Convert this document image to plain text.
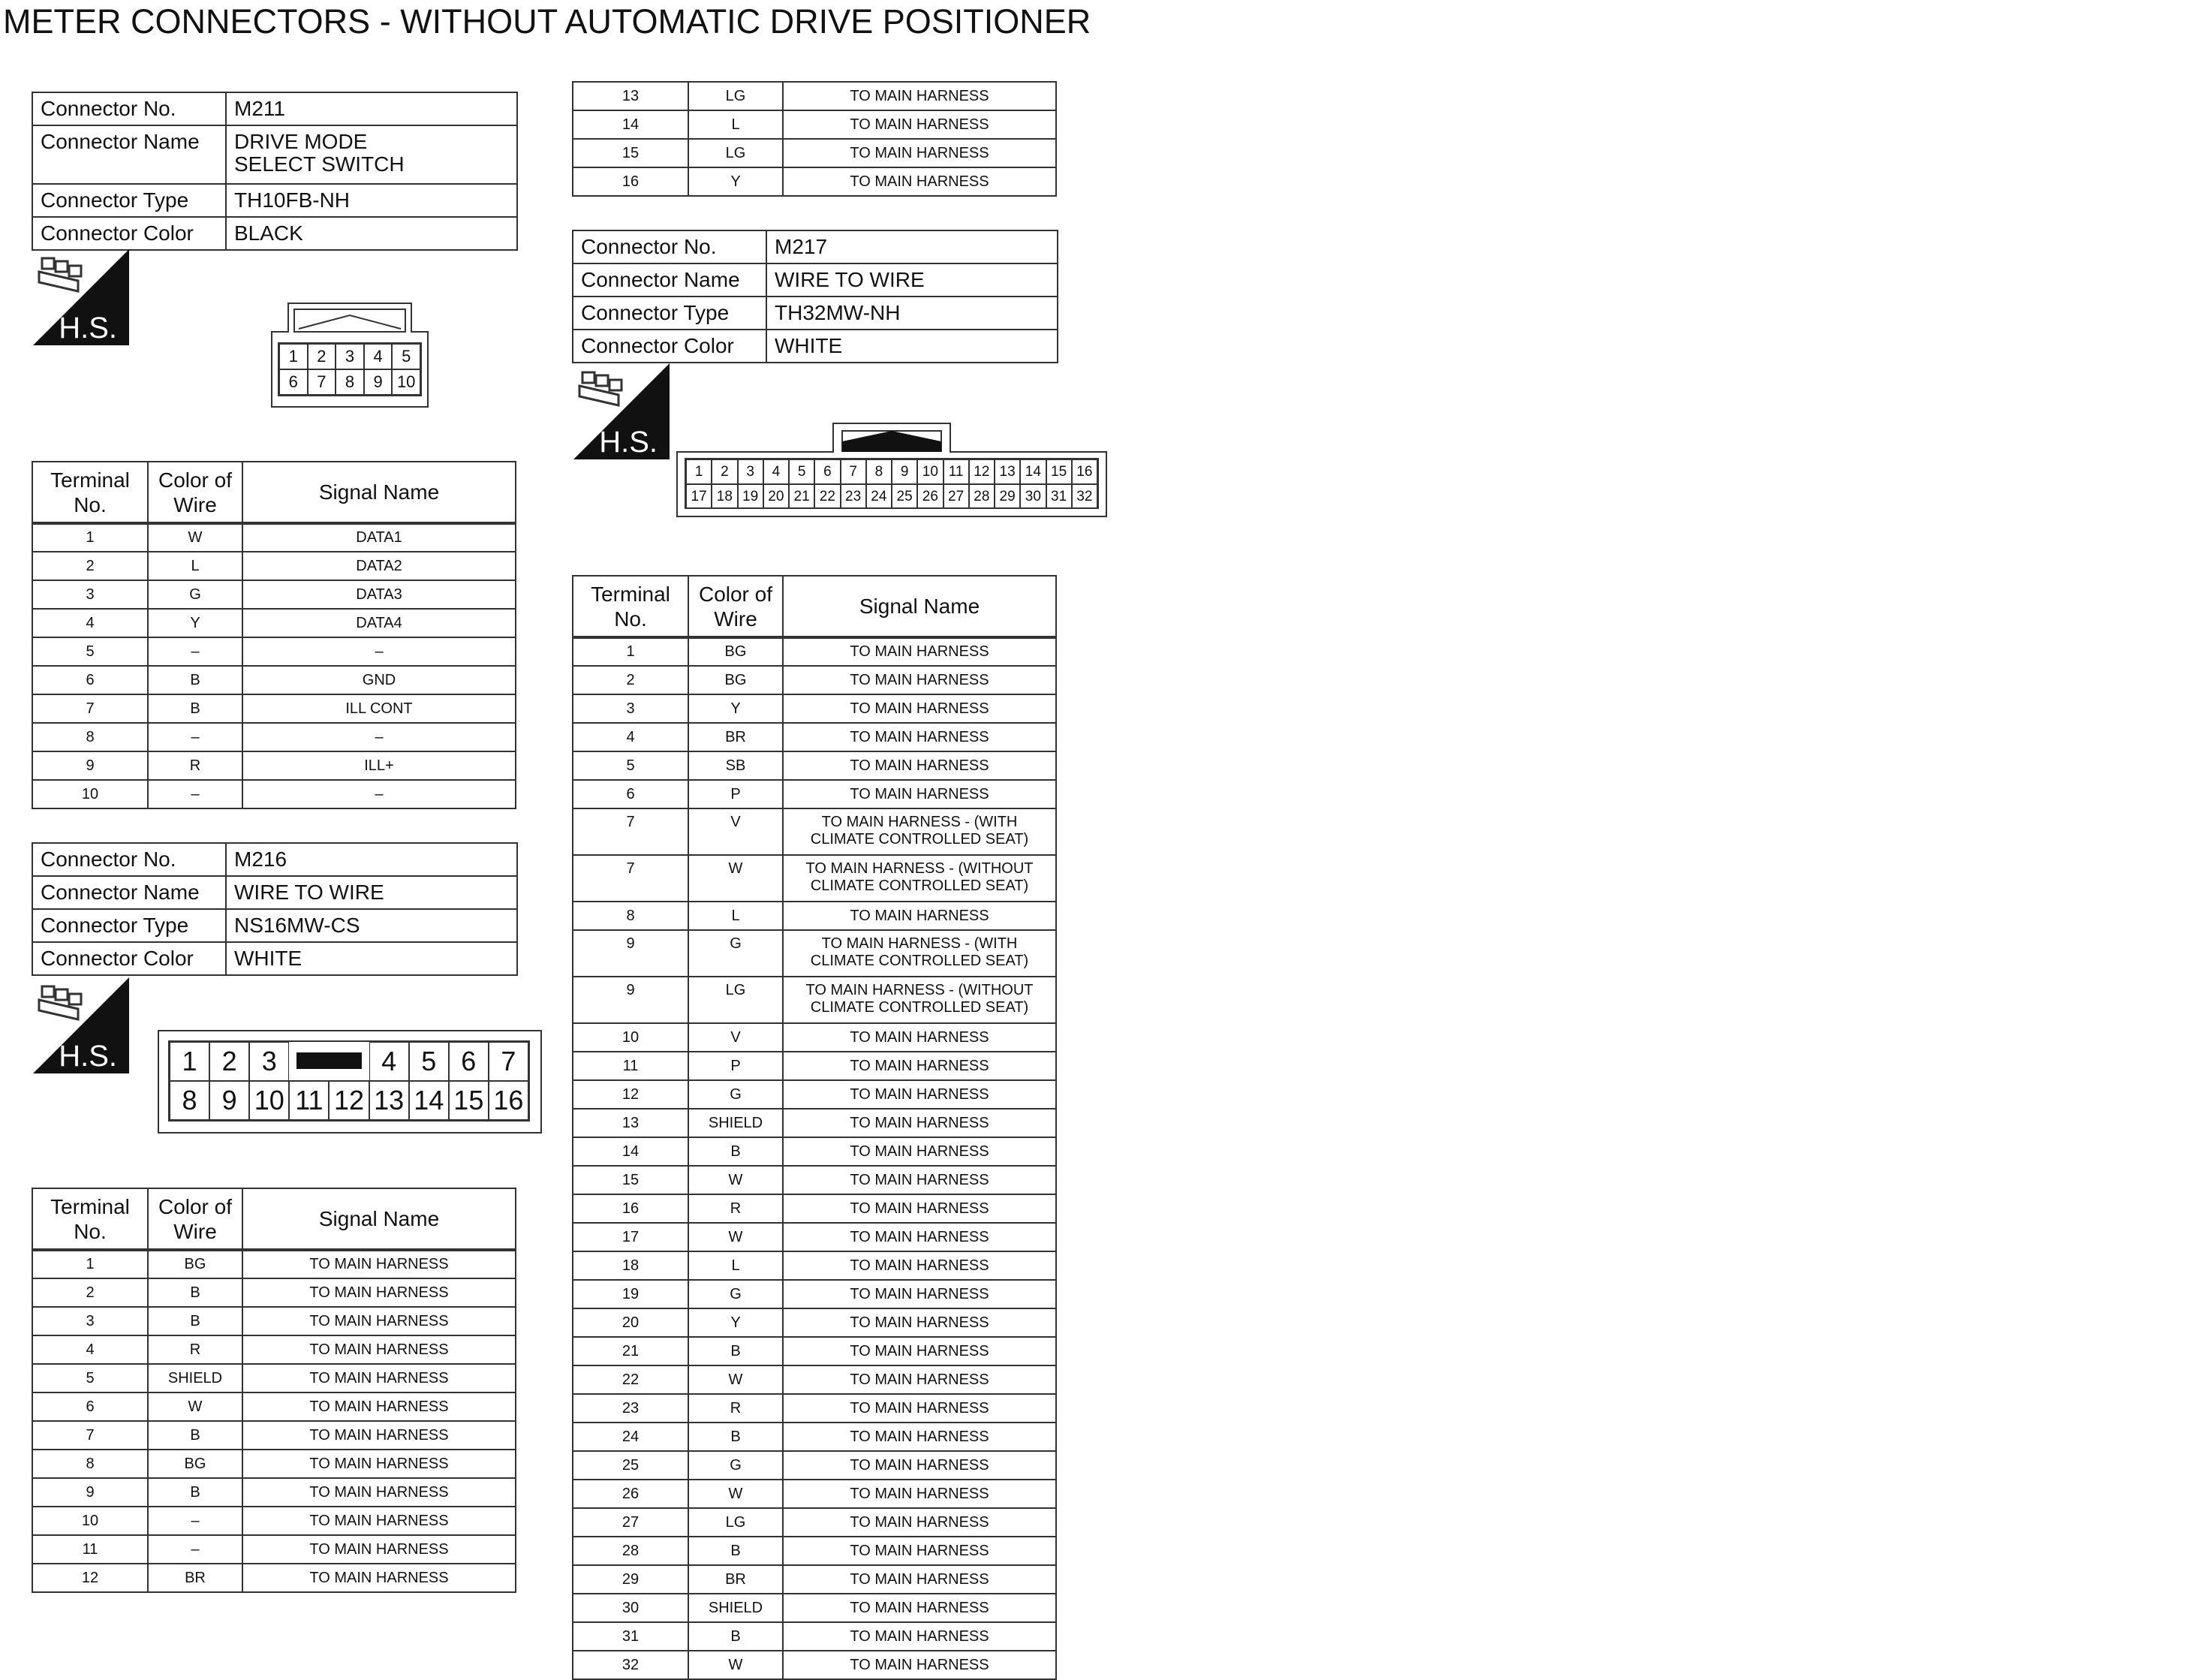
METER CONNECTORS - WITHOUT AUTOMATIC DRIVE POSITIONER
Connector No.	M211
Connector Name	DRIVE MODE SELECT SWITCH
Connector Type	TH10FB-NH
Connector Color	BLACK
H.S.
1	2	3	4	5
6	7	8	9 10
Terminal No.	Color of Wire	Signal Name
1	W	DATA1
2	L	DATA2
3	G	DATA3
4	Y	DATA4
5	–	–
6	B	GND
7	B	ILL CONT
8	–	–
9	R	ILL+
10	–	–
Connector No.	M216
Connector Name	WIRE TO WIRE
Connector Type	NS16MW-CS
Connector Color	WHITE
H.S.	1 2 3	4 5 6 7
8 9 10 11 12 13 14 15 16
Terminal No.	Color of Wire	Signal Name
1	BG	TO MAIN HARNESS
2	B	TO MAIN HARNESS
3	B	TO MAIN HARNESS
4	R	TO MAIN HARNESS
5	SHIELD	TO MAIN HARNESS
6	W	TO MAIN HARNESS
7	B	TO MAIN HARNESS
8	BG	TO MAIN HARNESS
9	B	TO MAIN HARNESS
10	–	TO MAIN HARNESS
11	–	TO MAIN HARNESS
12	BR	TO MAIN HARNESS
13	LG	TO MAIN HARNESS
14	L	TO MAIN HARNESS
15	LG	TO MAIN HARNESS
16	Y	TO MAIN HARNESS
Connector No.	M217
Connector Name	WIRE TO WIRE
Connector Type	TH32MW-NH
Connector Color	WHITE
H.S.
1	2	3	4	5	6	7	8	9 10 11 12 13 14 15 16
17 18 19 20 21 22 23 24 25 26 27 28 29 30 31 32
Terminal No.	Color of Wire	Signal Name
1	BG	TO MAIN HARNESS
2	BG	TO MAIN HARNESS
3	Y	TO MAIN HARNESS
4	BR	TO MAIN HARNESS
5	SB	TO MAIN HARNESS
6	P	TO MAIN HARNESS
7	V	TO MAIN HARNESS - (WITH CLIMATE CONTROLLED SEAT)
7	W	TO MAIN HARNESS - (WITHOUT CLIMATE CONTROLLED SEAT)
8	L	TO MAIN HARNESS
9	G	TO MAIN HARNESS - (WITH CLIMATE CONTROLLED SEAT)
9	LG	TO MAIN HARNESS - (WITHOUT CLIMATE CONTROLLED SEAT)
10	V	TO MAIN HARNESS
11	P	TO MAIN HARNESS
12	G	TO MAIN HARNESS
13	SHIELD	TO MAIN HARNESS
14	B	TO MAIN HARNESS
15	W	TO MAIN HARNESS
16	R	TO MAIN HARNESS
17	W	TO MAIN HARNESS
18	L	TO MAIN HARNESS
19	G	TO MAIN HARNESS
20	Y	TO MAIN HARNESS
21	B	TO MAIN HARNESS
22	W	TO MAIN HARNESS
23	R	TO MAIN HARNESS
24	B	TO MAIN HARNESS
25	G	TO MAIN HARNESS
26	W	TO MAIN HARNESS
27	LG	TO MAIN HARNESS
28	B	TO MAIN HARNESS
29	BR	TO MAIN HARNESS
30	SHIELD	TO MAIN HARNESS
31	B	TO MAIN HARNESS
32	W	TO MAIN HARNESS
